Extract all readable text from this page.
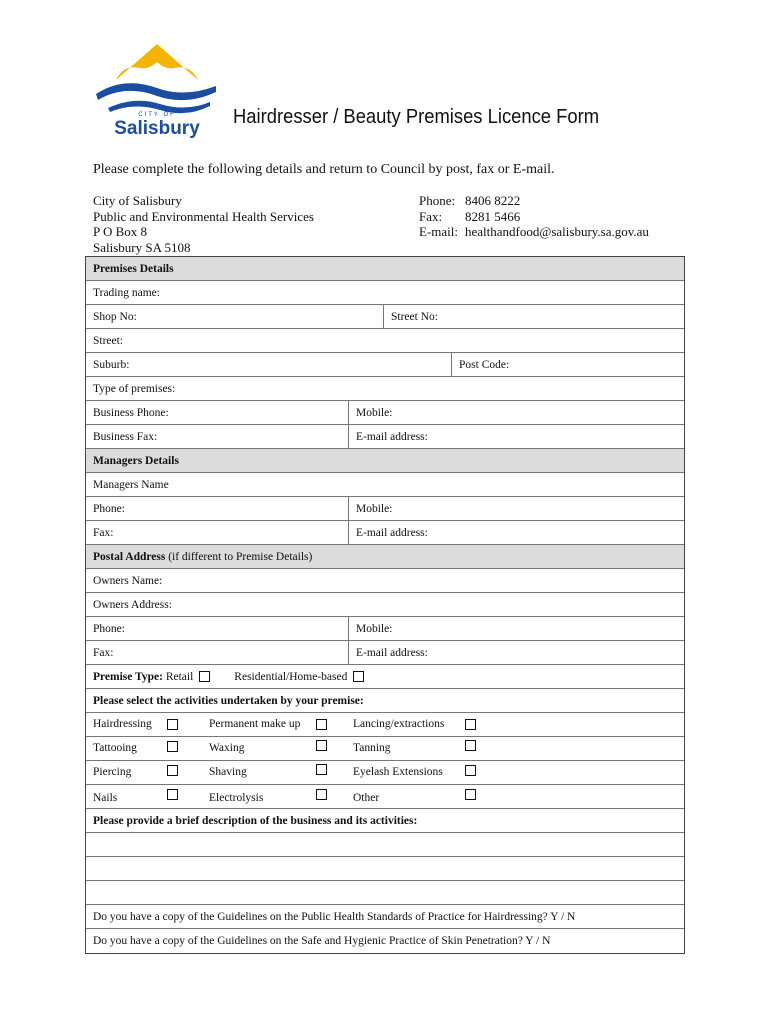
CITY OF
Salisbury
Hairdresser / Beauty Premises Licence Form
Please complete the following details and return to Council by post, fax or E-mail.
City of Salisbury
Public and Environmental Health Services
P O Box 8
Salisbury SA 5108
Phone: 8406 8222
Fax:	8281 5466
E-mail: healthandfood@salisbury.sa.gov.au
Premises Details
Trading name:
Shop No:	Street No:
Street:
Suburb:	Post Code:
Type of premises:
Business Phone:	Mobile:
Business Fax:	E-mail address:
Managers Details
Managers Name
Phone:	Mobile:
Fax:	E-mail address:
Postal Address
(if different to Premise Details)
Owners Name:
Owners Address:
Phone:	Mobile:
Fax:	E-mail address:
Premise Type:
Retail	Residential/Home-based
Please select the activities undertaken by your premise:
Hairdressing	Permanent make up	Lancing/extractions
Tattooing	Waxing	Tanning
Piercing	Shaving	Eyelash Extensions
Nails	Electrolysis	Other
Please provide a brief description of the business and its activities:
Do you have a copy of the Guidelines on the Public Health Standards of Practice for Hairdressing? Y / N
Do you have a copy of the Guidelines on the Safe and Hygienic Practice of Skin Penetration? Y / N
